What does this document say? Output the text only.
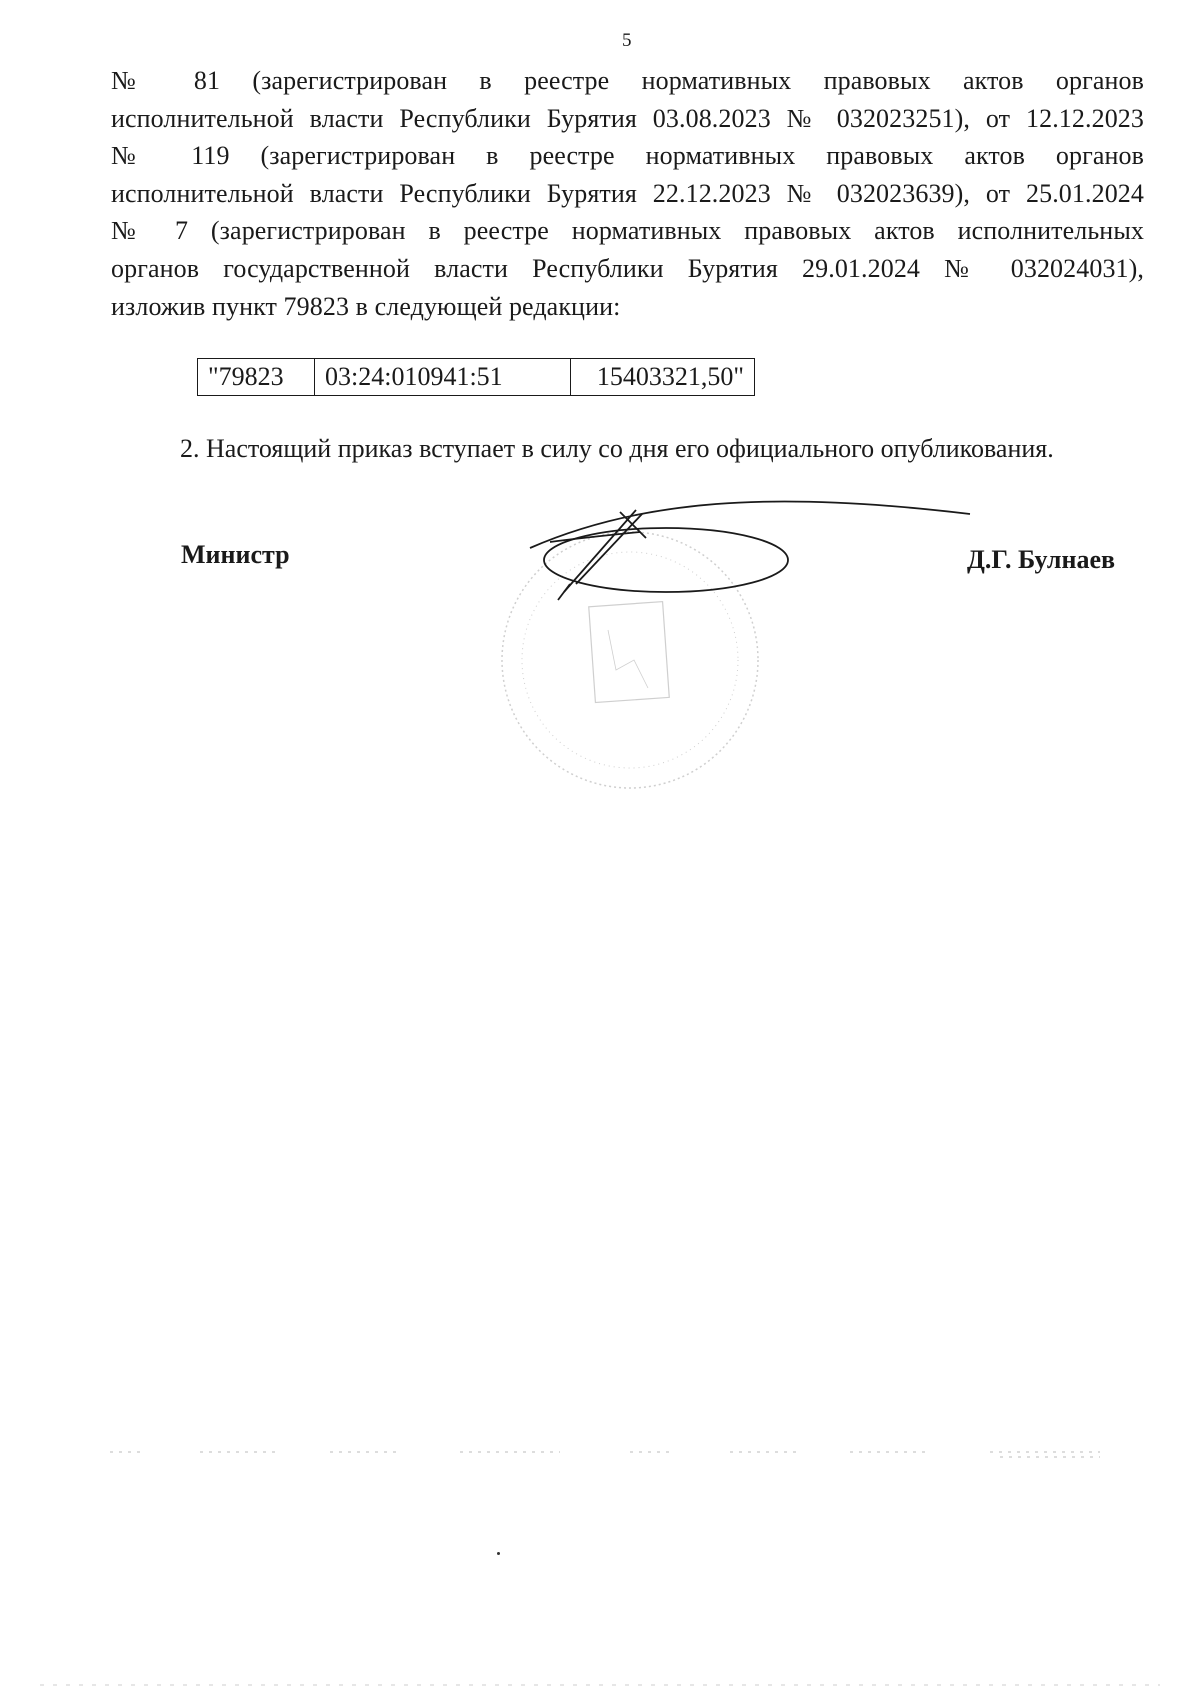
5
№ 81 (зарегистрирован в реестре нормативных правовых актов органов
исполнительной власти Республики Бурятия 03.08.2023 № 032023251), от 12.12.2023
№ 119 (зарегистрирован в реестре нормативных правовых актов органов
исполнительной власти Республики Бурятия 22.12.2023 № 032023639), от 25.01.2024
№ 7 (зарегистрирован в реестре нормативных правовых актов исполнительных
органов государственной власти Республики Бурятия 29.01.2024 № 032024031),
изложив пункт 79823 в следующей редакции:
"79823	03:24:010941:51	15403321,50"
2. Настоящий приказ вступает в силу со дня его официального опубликования.
Министр	Д.Г. Булнаев
